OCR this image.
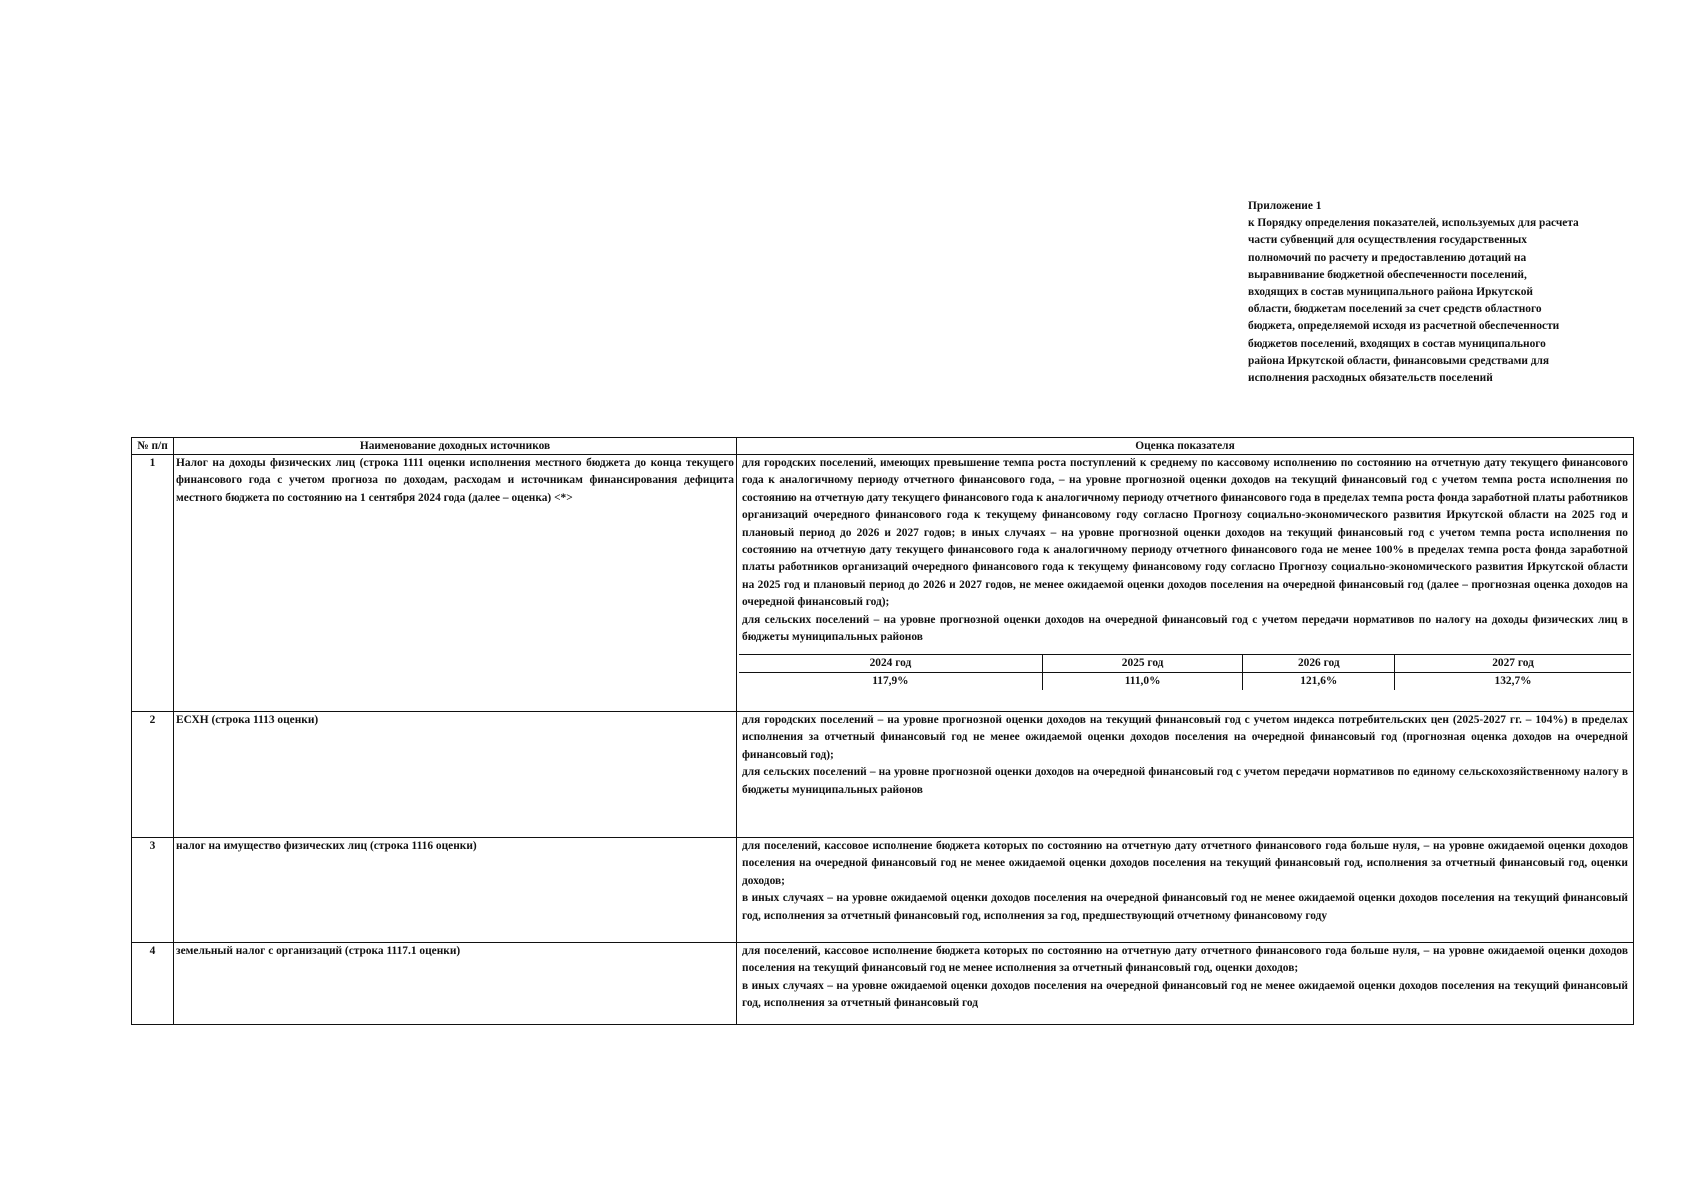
Приложение 1
к Порядку определения показателей, используемых для расчета
части субвенций для осуществления государственных
полномочий по расчету и предоставлению дотаций на
выравнивание бюджетной обеспеченности поселений,
входящих в состав муниципального района Иркутской
области, бюджетам поселений за счет средств областного
бюджета, определяемой исходя из расчетной обеспеченности
бюджетов поселений, входящих в состав муниципального
района Иркутской области, финансовыми средствами для
исполнения расходных обязательств поселений
№ п/п	Наименование доходных источников	Оценка показателя
1	Налог на доходы физических лиц (строка 1111 оценки исполнения местного бюджета до конца текущего финансового года с учетом прогноза по доходам, расходам и источникам финансирования дефицита местного бюджета по состоянию на 1 сентября 2024 года (далее – оценка) <*>	
для городских поселений, имеющих превышение темпа роста поступлений к среднему по кассовому исполнению по состоянию на отчетную дату текущего финансового года к аналогичному периоду отчетного финансового года, – на уровне прогнозной оценки доходов на текущий финансовый год с учетом темпа роста исполнения по состоянию на отчетную дату текущего финансового года к аналогичному периоду отчетного финансового года в пределах темпа роста фонда заработной платы работников организаций очередного финансового года к текущему финансовому году согласно Прогнозу социально-экономического развития Иркутской области на 2025 год и плановый период до 2026 и 2027 годов; в иных случаях – на уровне прогнозной оценки доходов на текущий финансовый год с учетом темпа роста исполнения по состоянию на отчетную дату текущего финансового года к аналогичному периоду отчетного финансового года не менее 100% в пределах темпа роста фонда заработной платы работников организаций очередного финансового года к текущему финансовому году согласно Прогнозу социально-экономического развития Иркутской области на 2025 год и плановый период до 2026 и 2027 годов, не менее ожидаемой оценки доходов поселения на очередной финансовый год (далее – прогнозная оценка доходов на очередной финансовый год);
для сельских поселений – на уровне прогнозной оценки доходов на очередной финансовый год с учетом передачи нормативов по налогу на доходы физических лиц в бюджеты муниципальных районов
2024 год	2025 год	2026 год	2027 год
117,9%	111,0%	121,6%	132,7%

2	ЕСХН (строка 1113 оценки)	для городских поселений – на уровне прогнозной оценки доходов на текущий финансовый год с учетом индекса потребительских цен (2025-2027 гг. – 104%) в пределах исполнения за отчетный финансовый год не менее ожидаемой оценки доходов поселения на очередной финансовый год (прогнозная оценка доходов на очередной финансовый год);
для сельских поселений – на уровне прогнозной оценки доходов на очередной финансовый год с учетом передачи нормативов по единому сельскохозяйственному налогу в бюджеты муниципальных районов

3	налог на имущество физических лиц (строка 1116 оценки)	для поселений, кассовое исполнение бюджета которых по состоянию на отчетную дату отчетного финансового года больше нуля, – на уровне ожидаемой оценки доходов поселения на очередной финансовый год не менее ожидаемой оценки доходов поселения на текущий финансовый год, исполнения за отчетный финансовый год, оценки доходов;
в иных случаях – на уровне ожидаемой оценки доходов поселения на очередной финансовый год не менее ожидаемой оценки доходов поселения на текущий финансовый год, исполнения за отчетный финансовый год, исполнения за год, предшествующий отчетному финансовому году

4	земельный налог с организаций (строка 1117.1 оценки)	для поселений, кассовое исполнение бюджета которых по состоянию на отчетную дату отчетного финансового года больше нуля, – на уровне ожидаемой оценки доходов поселения на текущий финансовый год не менее исполнения за отчетный финансовый год, оценки доходов;
в иных случаях – на уровне ожидаемой оценки доходов поселения на очередной финансовый год не менее ожидаемой оценки доходов поселения на текущий финансовый год, исполнения за отчетный финансовый год
